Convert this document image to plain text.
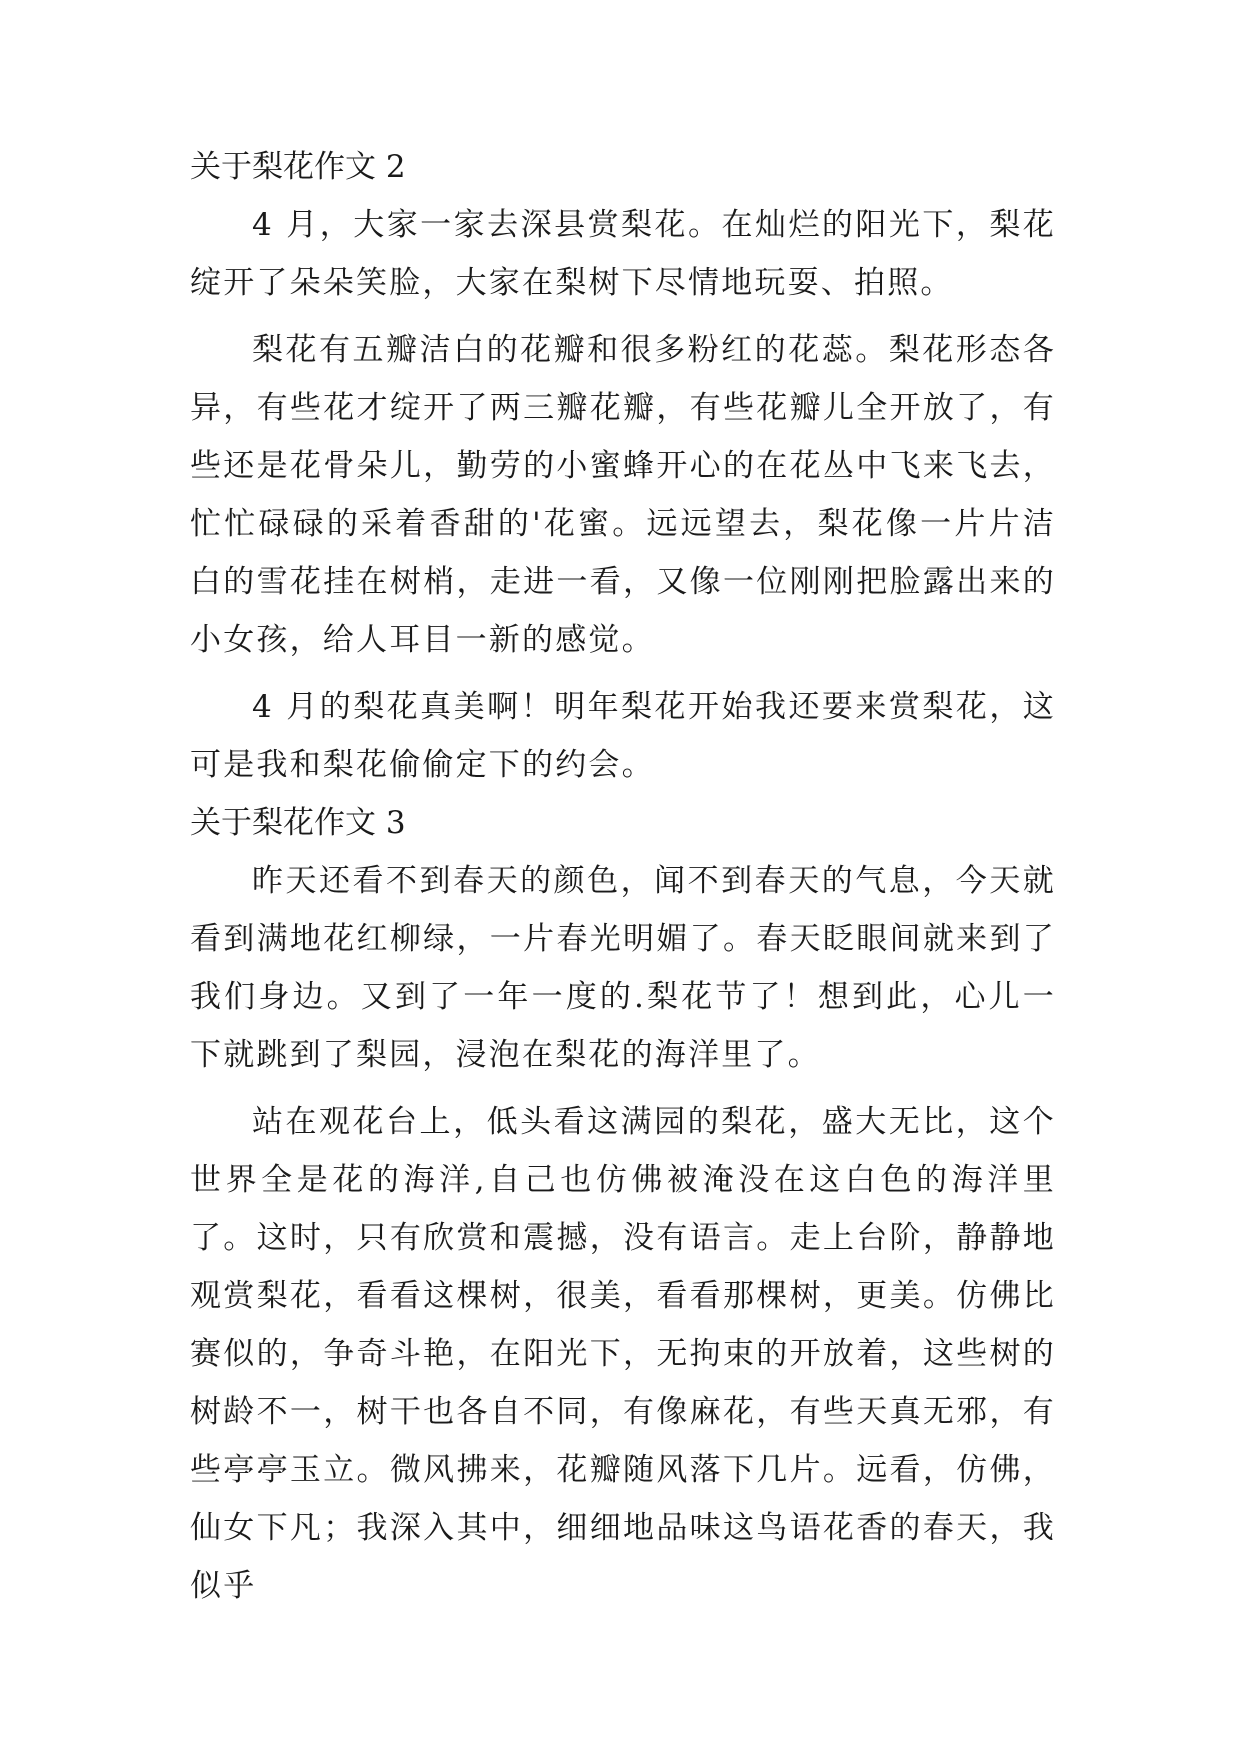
关于梨花作文 2

4 月，大家一家去深县赏梨花。在灿烂的阳光下，梨花绽开了朵朵笑脸，大家在梨树下尽情地玩耍、拍照。

梨花有五瓣洁白的花瓣和很多粉红的花蕊。梨花形态各异，有些花才绽开了两三瓣花瓣，有些花瓣儿全开放了，有些还是花骨朵儿，勤劳的小蜜蜂开心的在花丛中飞来飞去，忙忙碌碌的采着香甜的'花蜜。远远望去，梨花像一片片洁白的雪花挂在树梢，走进一看，又像一位刚刚把脸露出来的小女孩，给人耳目一新的感觉。

4 月的梨花真美啊！明年梨花开始我还要来赏梨花，这可是我和梨花偷偷定下的约会。

关于梨花作文 3

昨天还看不到春天的颜色，闻不到春天的气息，今天就看到满地花红柳绿，一片春光明媚了。春天眨眼间就来到了我们身边。又到了一年一度的.梨花节了！想到此，心儿一下就跳到了梨园，浸泡在梨花的海洋里了。

站在观花台上，低头看这满园的梨花，盛大无比，这个世界全是花的海洋,自己也仿佛被淹没在这白色的海洋里了。这时，只有欣赏和震撼，没有语言。走上台阶，静静地观赏梨花，看看这棵树，很美，看看那棵树，更美。仿佛比赛似的，争奇斗艳，在阳光下，无拘束的开放着，这些树的树龄不一，树干也各自不同，有像麻花，有些天真无邪，有些亭亭玉立。微风拂来，花瓣随风落下几片。远看，仿佛，仙女下凡；我深入其中，细细地品味这鸟语花香的春天，我似乎
